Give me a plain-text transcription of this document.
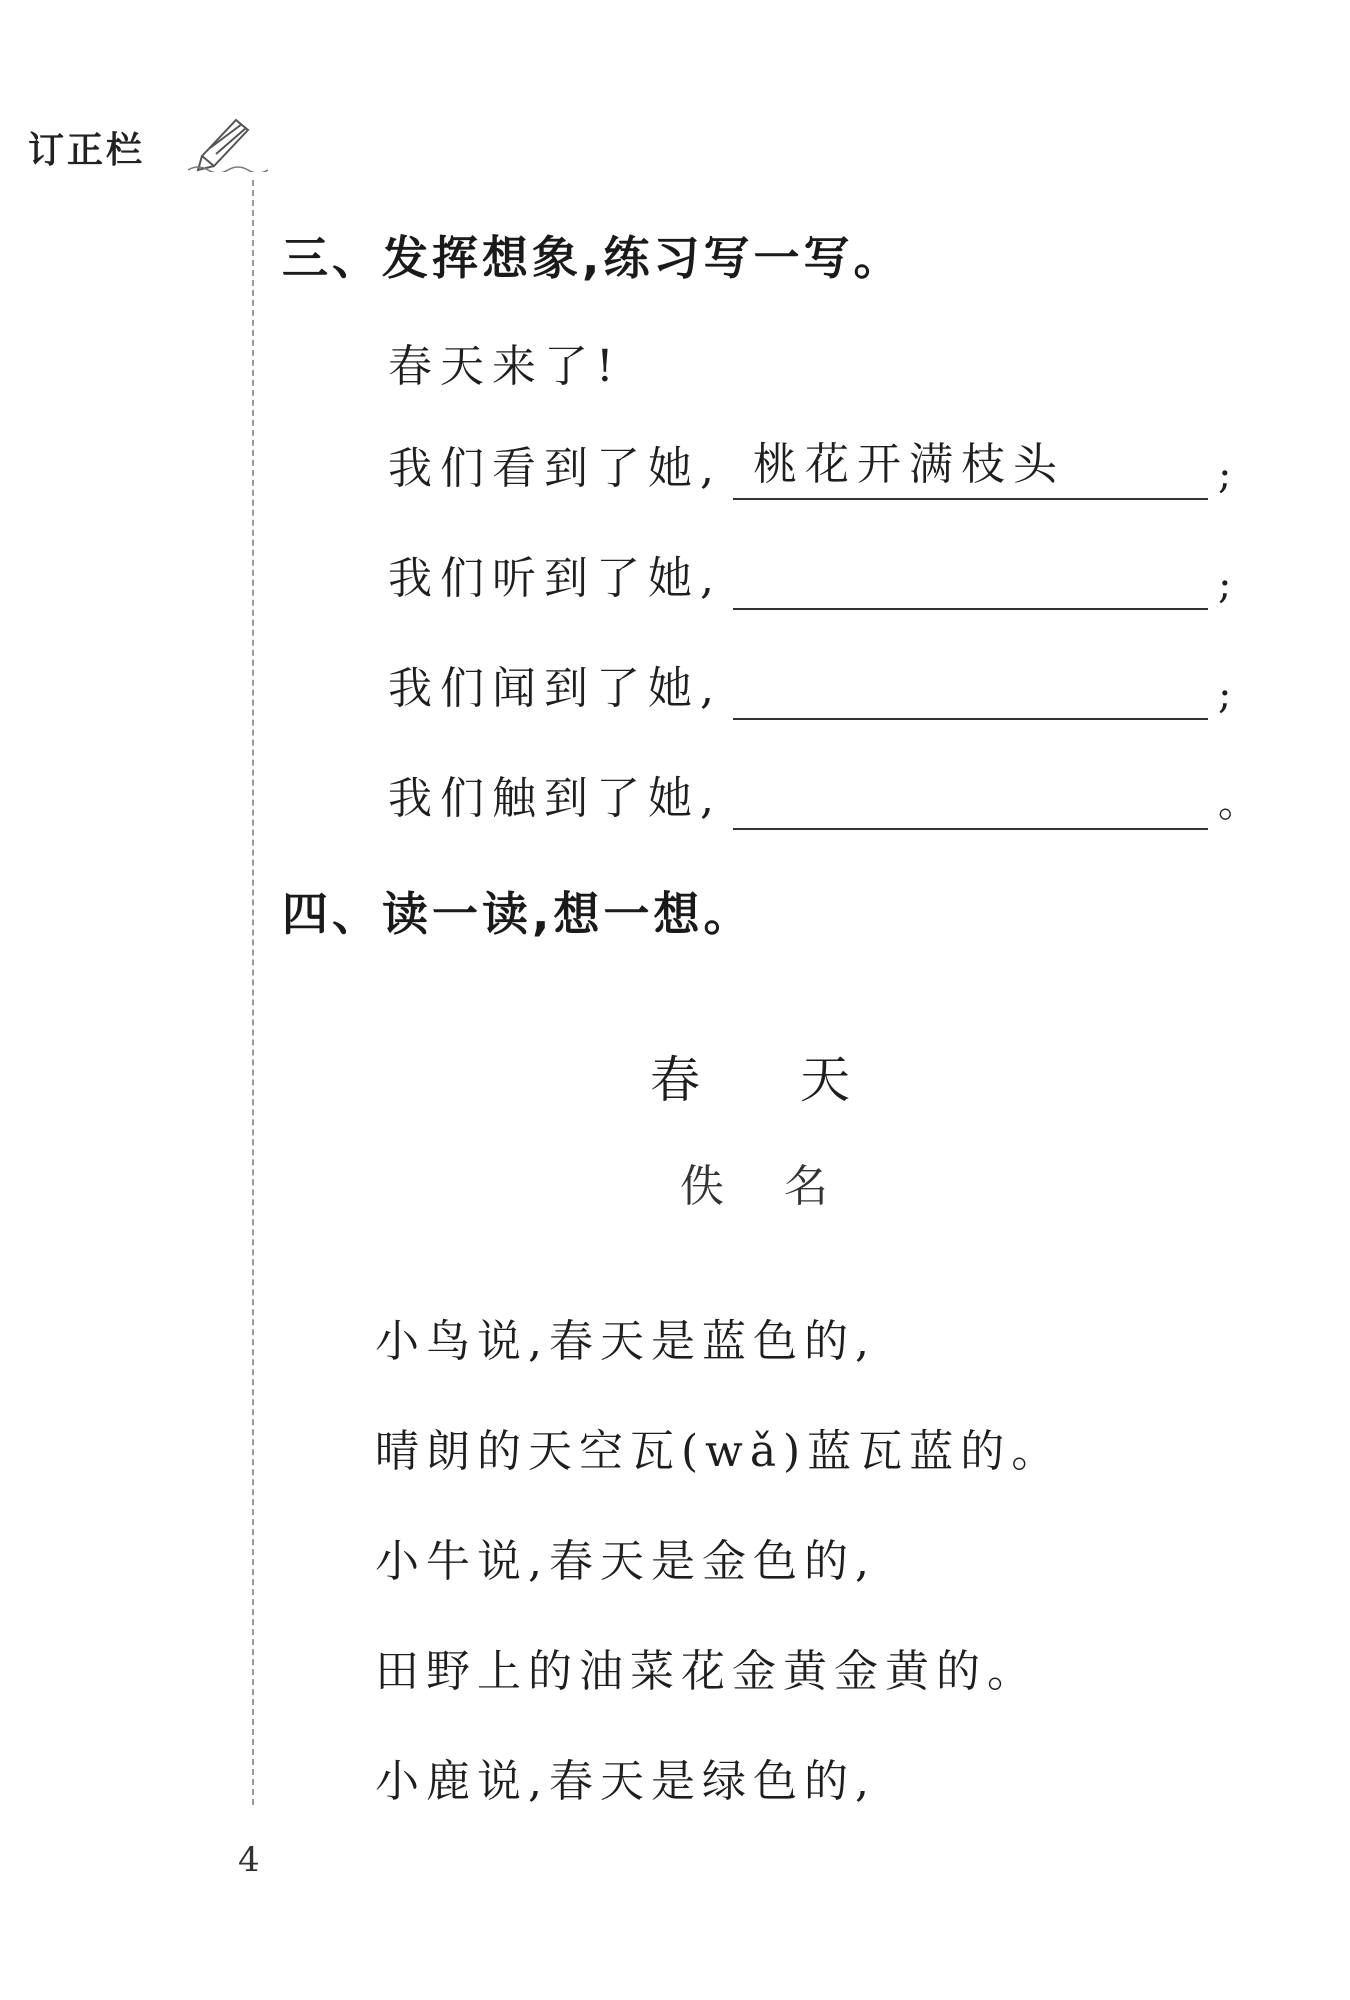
订正栏
三、发挥想象,练习写一写。
春天来了!
我们看到了她, 桃花开满枝头	;
我们听到了她,	;
我们闻到了她,	;
我们触到了她,	。
四、读一读,想一想。
春天
佚名
小鸟说,春天是蓝色的,
晴朗的天空瓦(wǎ)蓝瓦蓝的。
小牛说,春天是金色的,
田野上的油菜花金黄金黄的。
小鹿说,春天是绿色的,
4
